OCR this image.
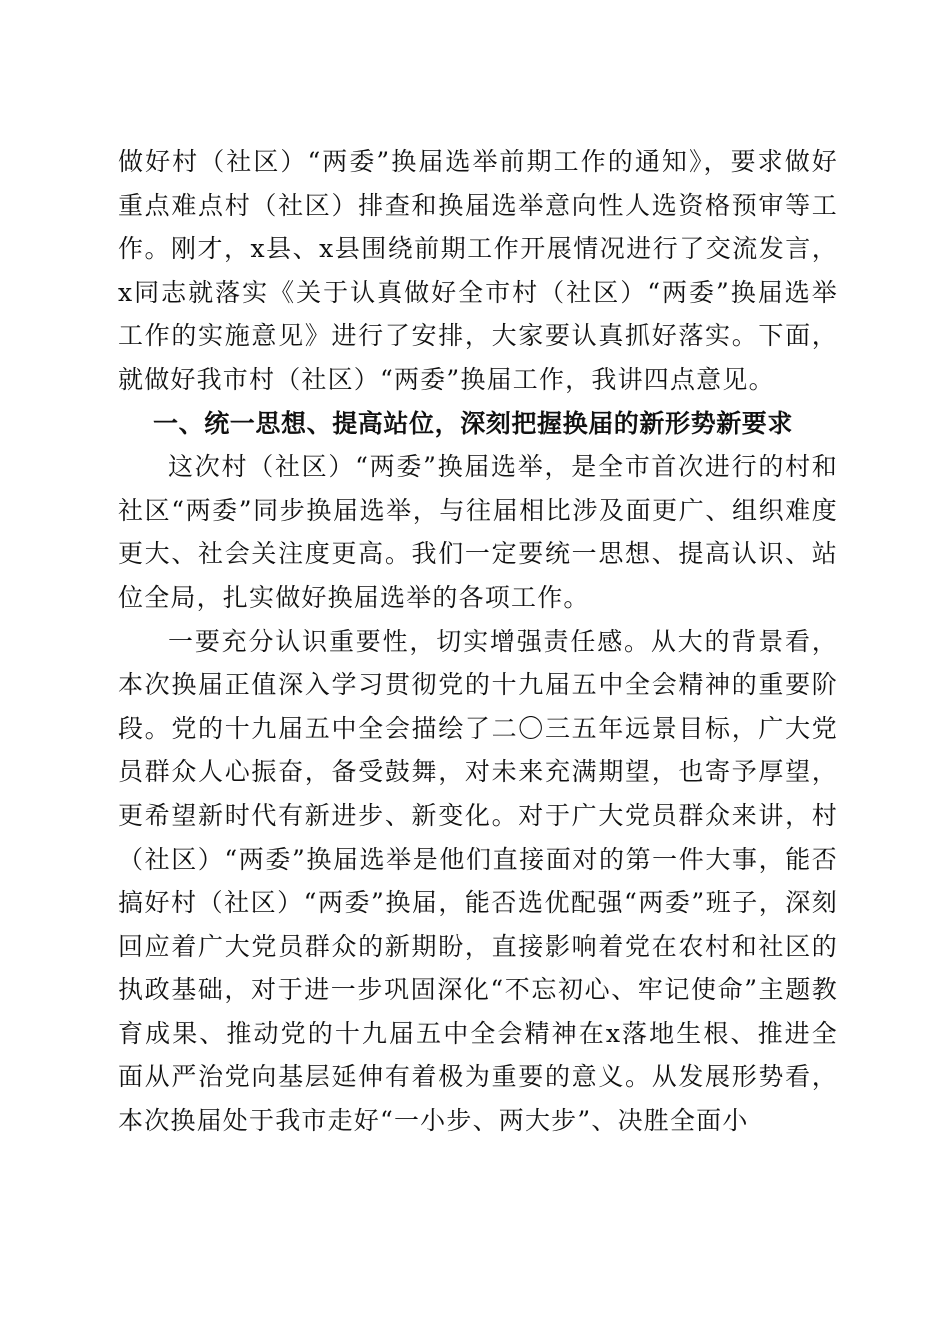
做好村（社区）“两委”换届选举前期工作的通知》，要求做好重点难点村（社区）排查和换届选举意向性人选资格预审等工作。刚才，x县、x县围绕前期工作开展情况进行了交流发言，x同志就落实《关于认真做好全市村（社区）“两委”换届选举工作的实施意见》进行了安排，大家要认真抓好落实。下面，就做好我市村（社区）“两委”换届工作，我讲四点意见。

一、统一思想、提高站位，深刻把握换届的新形势新要求

这次村（社区）“两委”换届选举，是全市首次进行的村和社区“两委”同步换届选举，与往届相比涉及面更广、组织难度更大、社会关注度更高。我们一定要统一思想、提高认识、站位全局，扎实做好换届选举的各项工作。

一要充分认识重要性，切实增强责任感。从大的背景看，本次换届正值深入学习贯彻党的十九届五中全会精神的重要阶段。党的十九届五中全会描绘了二〇三五年远景目标，广大党员群众人心振奋，备受鼓舞，对未来充满期望，也寄予厚望，更希望新时代有新进步、新变化。对于广大党员群众来讲，村（社区）“两委”换届选举是他们直接面对的第一件大事，能否搞好村（社区）“两委”换届，能否选优配强“两委”班子，深刻回应着广大党员群众的新期盼，直接影响着党在农村和社区的执政基础，对于进一步巩固深化“不忘初心、牢记使命”主题教育成果、推动党的十九届五中全会精神在x落地生根、推进全面从严治党向基层延伸有着极为重要的意义。从发展形势看，本次换届处于我市走好“一小步、两大步”、决胜全面小
